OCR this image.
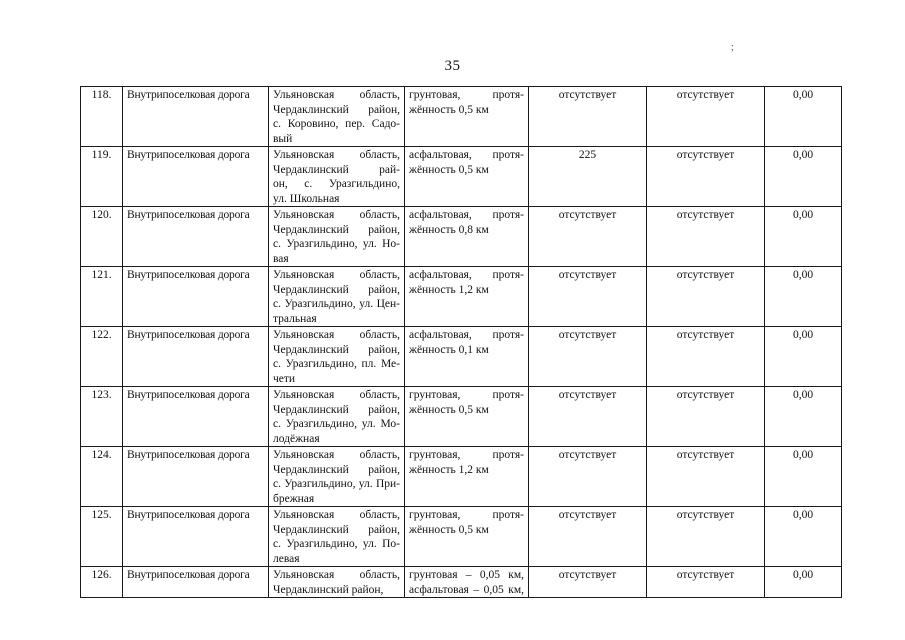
35
;
118.	Внутрипоселковая дорога	Ульяновская область,
Чердаклинский район,
с. Коровино, пер. Садо-
вый	грунтовая, протя-
жённость 0,5 км	отсутствует	отсутствует	0,00
119.	Внутрипоселковая дорога	Ульяновская область,
Чердаклинский рай-
он, с. Уразгильдино,
ул. Школьная	асфальтовая, протя-
жённость 0,5 км	225	отсутствует	0,00
120.	Внутрипоселковая дорога	Ульяновская область,
Чердаклинский район,
с. Уразгильдино, ул. Но-
вая	асфальтовая, протя-
жённость 0,8 км	отсутствует	отсутствует	0,00
121.	Внутрипоселковая дорога	Ульяновская область,
Чердаклинский район,
с. Уразгильдино, ул. Цен-
тральная	асфальтовая, протя-
жённость 1,2 км	отсутствует	отсутствует	0,00
122.	Внутрипоселковая дорога	Ульяновская область,
Чердаклинский район,
с. Уразгильдино, пл. Ме-
чети	асфальтовая, протя-
жённость 0,1 км	отсутствует	отсутствует	0,00
123.	Внутрипоселковая дорога	Ульяновская область,
Чердаклинский район,
с. Уразгильдино, ул. Мо-
лодёжная	грунтовая, протя-
жённость 0,5 км	отсутствует	отсутствует	0,00
124.	Внутрипоселковая дорога	Ульяновская область,
Чердаклинский район,
с. Уразгильдино, ул. При-
брежная	грунтовая, протя-
жённость 1,2 км	отсутствует	отсутствует	0,00
125.	Внутрипоселковая дорога	Ульяновская область,
Чердаклинский район,
с. Уразгильдино, ул. По-
левая	грунтовая, протя-
жённость 0,5 км	отсутствует	отсутствует	0,00
126.	Внутрипоселковая дорога	Ульяновская область,
Чердаклинский район,	грунтовая – 0,05 км,
асфальтовая – 0,05 км,	отсутствует	отсутствует	0,00
